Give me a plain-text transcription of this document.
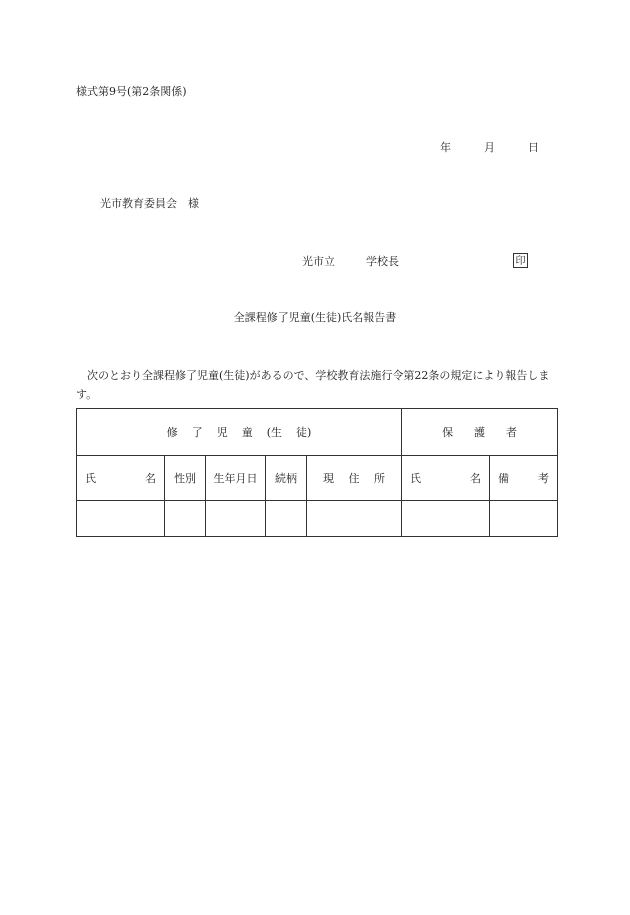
様式第9号(第2条関係)
年	月	日
光市教育委員会　様
光市立	学校長	印
全課程修了児童(生徒)氏名報告書
次のとおり全課程修了児童(生徒)があるので、学校教育法施行令第22条の規定により報告します。
修 了 児 童 (生 徒)					保 護 者	

氏 名	性別	生年月日	続柄	現 住 所	氏 名	備 考
